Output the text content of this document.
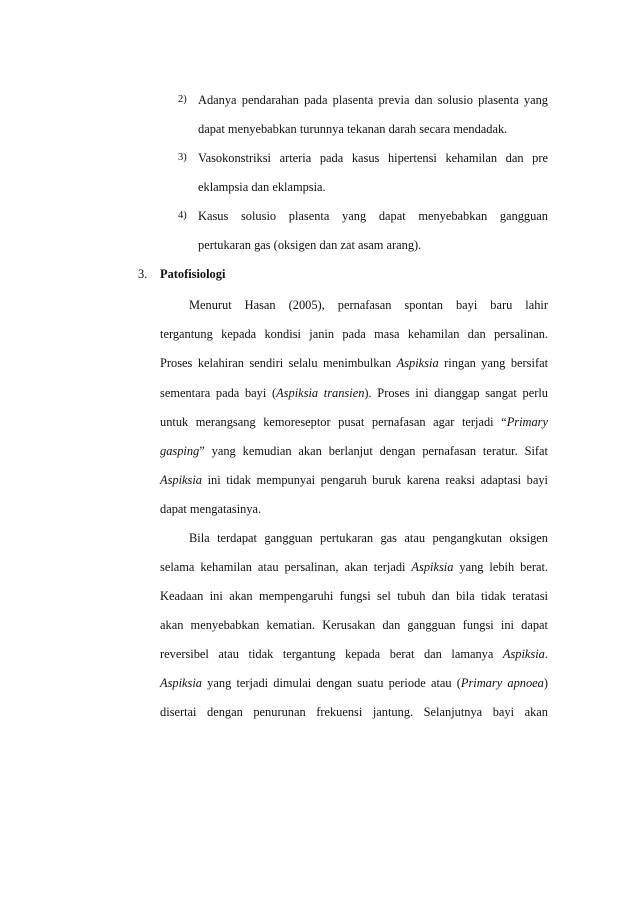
2) Adanya pendarahan pada plasenta previa dan solusio plasenta yang
dapat menyebabkan turunnya tekanan darah secara mendadak.
3) Vasokonstriksi arteria pada kasus hipertensi kehamilan dan pre
eklampsia dan eklampsia.
4) Kasus solusio plasenta yang dapat menyebabkan gangguan
pertukaran gas (oksigen dan zat asam arang).
3. Patofisiologi
Menurut Hasan (2005), pernafasan spontan bayi baru lahir
tergantung kepada kondisi janin pada masa kehamilan dan persalinan.
Proses kelahiran sendiri selalu menimbulkan Aspiksia ringan yang bersifat
sementara pada bayi (Aspiksia transien). Proses ini dianggap sangat perlu
untuk merangsang kemoreseptor pusat pernafasan agar terjadi “Primary
gasping” yang kemudian akan berlanjut dengan pernafasan teratur. Sifat
Aspiksia ini tidak mempunyai pengaruh buruk karena reaksi adaptasi bayi
dapat mengatasinya.
Bila terdapat gangguan pertukaran gas atau pengangkutan oksigen
selama kehamilan atau persalinan, akan terjadi Aspiksia yang lebih berat.
Keadaan ini akan mempengaruhi fungsi sel tubuh dan bila tidak teratasi
akan menyebabkan kematian. Kerusakan dan gangguan fungsi ini dapat
reversibel atau tidak tergantung kepada berat dan lamanya Aspiksia.
Aspiksia yang terjadi dimulai dengan suatu periode atau (Primary apnoea)
disertai dengan penurunan frekuensi jantung. Selanjutnya bayi akan
